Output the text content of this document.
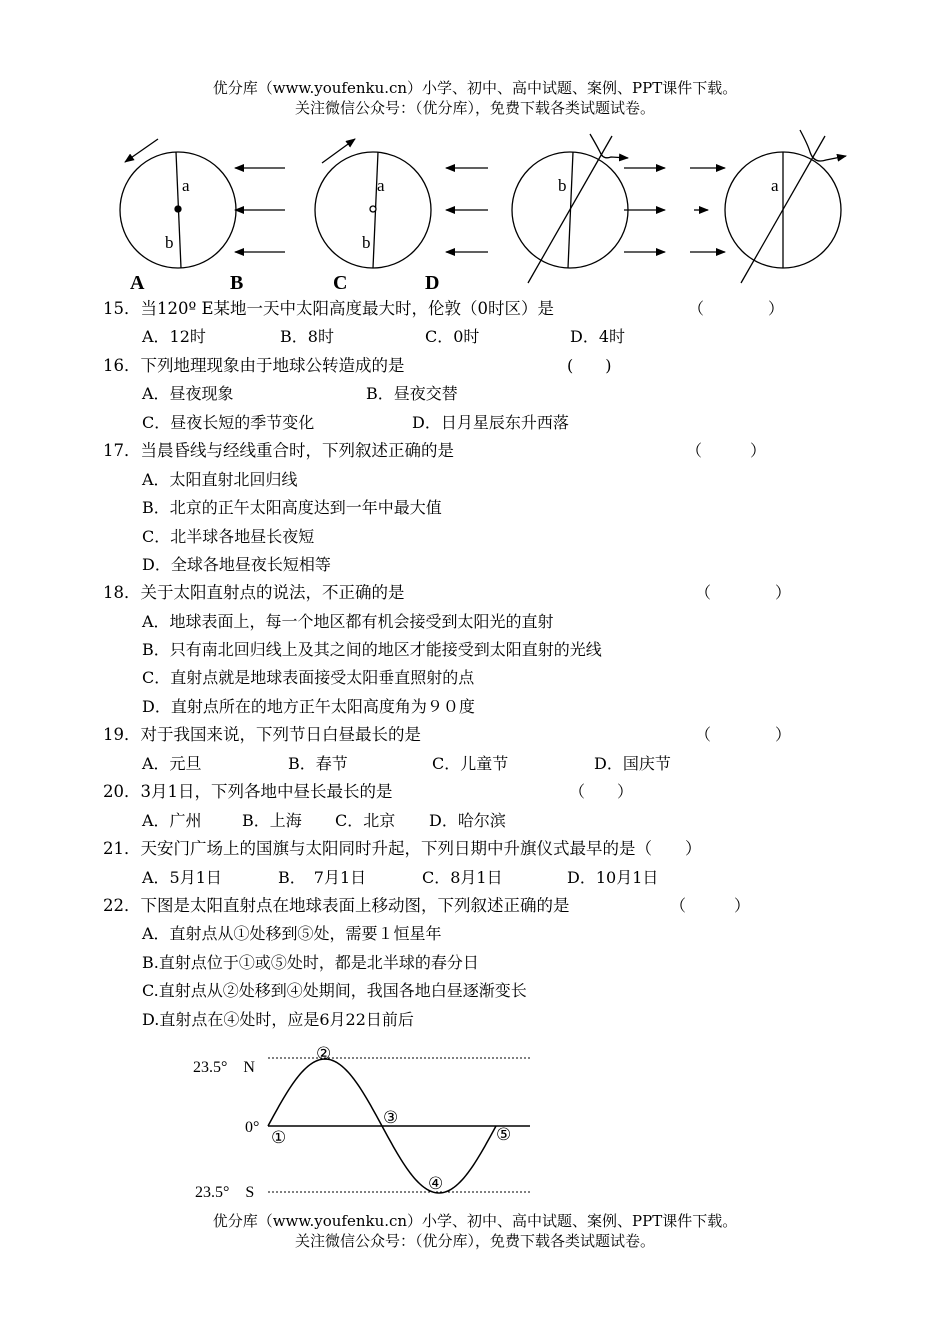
优分库（www.youfenku.cn）小学、初中、高中试题、案例、PPT课件下载。
关注微信公众号：（优分库），免费下载各类试题试卷。
a
b
a
b
b	a
A	B	C	D
15．当120º E某地一天中太阳高度最大时，伦敦（0时区）是	（　　　　）
A．12时	B．8时	C．0时	D．4时
16．下列地理现象由于地球公转造成的是	(　　)
A．昼夜现象	B．昼夜交替
C．昼夜长短的季节变化	D．日月星辰东升西落
17．当晨昏线与经线重合时，下列叙述正确的是	（　　　）
A．太阳直射北回归线
B．北京的正午太阳高度达到一年中最大值
C．北半球各地昼长夜短
D．全球各地昼夜长短相等
18．关于太阳直射点的说法，不正确的是	（　　　　）
A．地球表面上，每一个地区都有机会接受到太阳光的直射
B．只有南北回归线上及其之间的地区才能接受到太阳直射的光线
C．直射点就是地球表面接受太阳垂直照射的点
D．直射点所在的地方正午太阳高度角为９０度
19．对于我国来说，下列节日白昼最长的是	（　　　　）
A．元旦	B．春节	C．儿童节	D．国庆节
20．3月1日，下列各地中昼长最长的是	（　　）
A．广州	B．上海 C．北京 D．哈尔滨
21．天安门广场上的国旗与太阳同时升起，下列日期中升旗仪式最早的是（　　）
A．5月1日	B．　7月1日	C．8月1日	D．10月1日
22．下图是太阳直射点在地球表面上移动图，下列叙述正确的是	（　　　）
A．直射点从①处移到⑤处，需要１恒星年
B.直射点位于①或⑤处时，都是北半球的春分日
C.直射点从②处移到④处期间，我国各地白昼逐渐变长
D.直射点在④处时，应是6月22日前后
23.5°　N
0°
23.5°　S
①
②
③
④
⑤
优分库（www.youfenku.cn）小学、初中、高中试题、案例、PPT课件下载。
关注微信公众号：（优分库），免费下载各类试题试卷。
